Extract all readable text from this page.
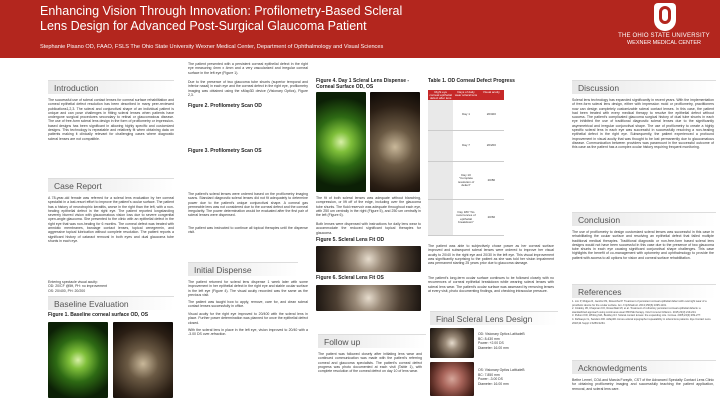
Enhancing Vision Through Innovation: Profilometry-Based Scleral
Lens Design for Advanced Post-Surgical Glaucoma Patient
Stephanie Pisano OD, FAAO, FSLS The Ohio State University Wexner Medical Center, Department of Ophthalmology and Visual Sciences
THE OHIO STATE UNIVERSITY
WEXNER MEDICAL CENTER
Introduction
The successful use of scleral contact lenses for corneal surface rehabilitation and corneal epithelial defect resolution has been described in many peer-reviewed publications1,2,3. The scleral and conjunctival shape of an individual patient is unique and can pose challenges in fitting scleral lenses when patients have undergone surgical procedures secondary to retinal or glaucomatous disease. The use of free-form scleral lens design in the form of profilometry or impression-based designs has been significant in allowing highly specific and customized designs. This technology is repeatable and relatively fit when obtaining data on patients making it clinically relevant for challenging cases where diagnostic scleral lenses are not compatible.
Case Report
A 78-year-old female was referred for a scleral lens evaluation by her corneal specialist in a last-resort effort to improve the patient's ocular surface. The patient has a history of neurotrophic keratitis, worse in the right than the left, with a non-healing epithelial defect in the right eye. The patient reported longstanding severely blurred vision with glaucomatous vision loss due to severe congenital open-angle glaucoma. She presented to the clinic with an epithelial defect in the right eye that was non-healing for 6 months. The corneal defect was treated with amniotic membranes, bandage contact lenses, topical cenegermin, and aggressive topical lubrication without complete resolution. The patient reports a significant history of cataract removal in both eyes and dual glaucoma tube shunts in each eye.
Entering spectacle visual acuity:
OD: 20/CF @5ft, PH: no improvement
OS: 20/400, PH: 20/200
Baseline Evaluation
Figure 1. Baseline corneal surface OD, OS
The patient presented with a persistent corneal epithelial defect in the right eye measuring 4mm x 4mm and a very vascularized and irregular corneal surface in the left eye (Figure 1).
Due to the presence of two glaucoma tube shunts (superior temporal and inferior nasal) in each eye and the corneal defect in the right eye, profilometry imaging was obtained using the sMap3D device (Visionary Optics), Figure 2,3.
Figure 2. Profilometry Scan OD
Figure 3. Profilometry Scan OS
The patient's scleral lenses were ordered based on the profilometry imaging scans. Standard diagnostic scleral lenses did not fit adequately to determine power due to the patient's unique conjunctival shape. A corneal gas permeable lens was not considered due to the corneal defect and the corneal irregularity. The power determination would be evaluated after the first pair of scleral lenses were dispensed.
The patient was instructed to continue all topical therapies until the dispense visit.
Initial Dispense
The patient returned for scleral lens dispense 1 week later with some improvement in her epithelial defect in the right eye and stable ocular surface in the left eye (Figure 4). The visual acuity recorded was the same as the previous visit.
The patient was taught how to apply, remove, care for, and clean scleral contact lenses successfully in office.
Visual acuity for the right eye improved to 20/400 with the scleral lens in place. Further power determination was planned for once the epithelial defect closed.
With the scleral lens in place in the left eye, vision improved to 20/40 with a -3.00 DS over-refraction.
Figure 4. Day 1 Scleral Lens Dispense - Corneal Surface OD, OS
The fit of both scleral lenses was adequate without blanching, compression, or lift off of the edge, including over the glaucoma tube shunts. The fluid reservoir was adequate throughout each eye, with 250 um centrally in the right (Figure 5), and 250 um centrally in the left (Figure 6).
Both lenses were dispensed with instructions for daily lens wear to accommodate the reduced significant topical therapies for glaucoma.
Figure 5. Scleral Lens Fit OD
Figure 6. Scleral Lens Fit OS
Follow up
The patient was followed closely after initiating lens wear and continued communication was made with the patient's referring corneal and glaucoma specialists. The patient's corneal defect progress was photo documented at each visit (Table 1), with complete resolution of the corneal defect on day 10 of lens wear.
Table 1. OD Corneal Defect Progress
Right eye corneal epithelial defect after lens
Days of daily wear scleral lens
Visual acuity
Day 1	20/400
Day 7	20/200
Day 10 "Complete resolution of defect"
20/80
Day 180 "No recurrences of epithelial breakdown"
20/60
The patient was able to subjectively chose power as her corneal surface improved and subsequent scleral lenses were ordered to improve her visual acuity to 20/40 in the right eye and 20/30 in the left eye. This visual improvement was significantly surprising to the patient as she was told her vision impairment was permanent starting 25 years prior due to glaucoma damage.
The patient's long-term ocular surface continues to be followed closely with no recurrences of corneal epithelial breakdown while wearing scleral lenses with scleral lens wear. The patient's ocular surface was assessed by removing lenses at every visit, photo documenting findings, and checking intraocular pressure.
Final Scleral Lens Design
OD: Visionary Optics LatitudeB
BC: 8.430 mm
Power: +2.00 DS
Diameter: 16.00 mm
OS: Visionary Optics LatitudeB
BC: 7.850 mm
Power: -3.00 DS
Diameter: 16.00 mm
Discussion
Scleral lens technology has expanded significantly in recent years. With the implementation of free-form scleral lens design, either with impression mold or profilometry, practitioners now can design completely customizable scleral contact lenses. In this case, the patient had been treated with every medical therapy to resolve the epithelial defect without success. The patient's complicated glaucoma surgical history of dual tube shunts in each eye inhibited the use of traditional diagnostic scleral lenses due to the significantly asymmetrical and irregular conjunctival shape. The use of profilometry to create a highly specific scleral lens in each eye was successful in successfully resolving a non-healing epithelial defect in the right eye. Subsequently, the patient experienced a profound improvement in visual acuity that was thought to be lost permanently due to glaucomatous disease. Communication between providers was paramount in the successful outcome of this case as the patient has a complex ocular history requiring frequent monitoring.
Conclusion
The use of profilometry to design customized scleral lenses was successful in this case in rehabilitating the ocular surface and resolving an epithelial defect that failed multiple traditional medical therapies. Traditional diagnostic or non-free-form based scleral lens designs would not have been successful in this case due to the presence of two glaucoma tube shunts in each eye causing significant conjunctival shape challenges. This case highlights the benefit of co-management with optometry and ophthalmology to provide the patient with access to all options for vision and corneal surface rehabilitation.
References
1. Lim P, Ridges R, Jacobs DS, Rosenthal P. Treatment of persistent corneal epithelial defect with overnight wear of a prosthetic device for the ocular surface. Am J Ophthalmol. 2013;156(6):1095-1101.
2. Ciralsky JB, Chapman KO, Rosenblatt MI, et al. Treatment of refractory persistent corneal epithelial defects: a standardized approach using continuous wear PROSE therapy. Ocul Immunol Inflamm. 2015;23(3):219-224.
3. Pullum KW, Whiting MA, Buckley RJ. Scleral contact lenses: the expanding role. Cornea. 2005;24(3):269-277.
4. DeNaeyer G, Sanders DR. sMap3D corneo-scleral topographer repeatability in scleral lens patients. Eye Contact Lens. 2018;44 Suppl 1:S259-S264.
Acknowledgments
Bethe Lemel, COA and Marcia Forsyth, CST of the Advanced Specialty Contact Lens Clinic for obtaining profilometry imaging and successfully teaching the patient application, removal, and scleral lens care.
